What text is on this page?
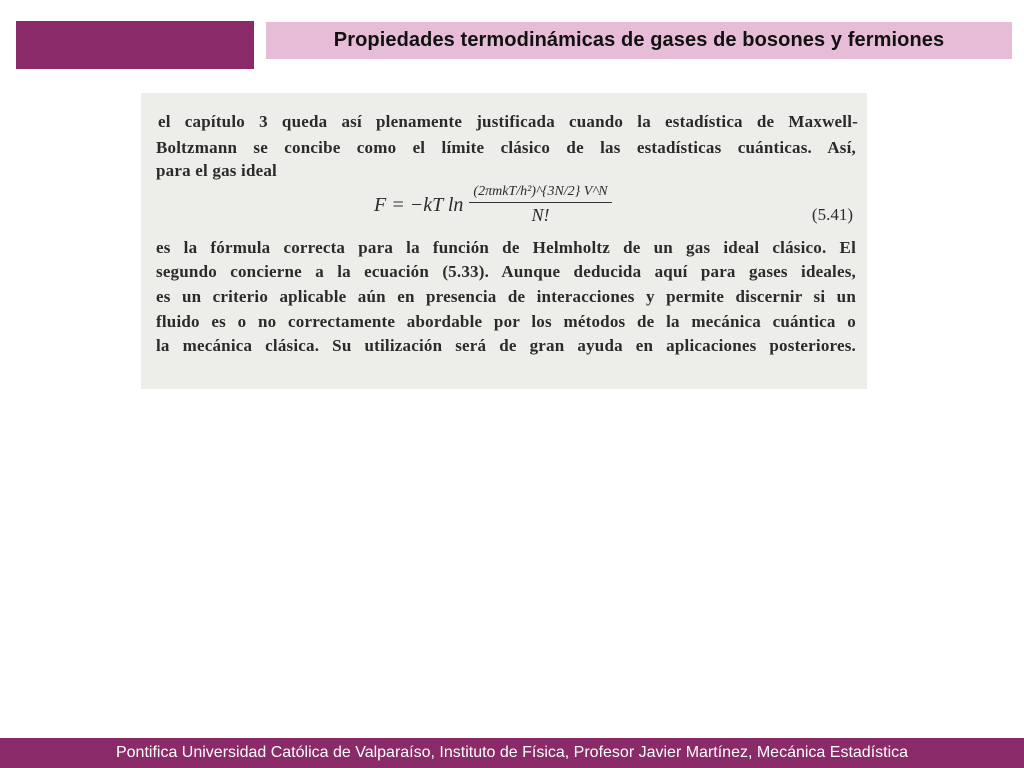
Propiedades termodinámicas de gases de bosones y fermiones
el capítulo 3 queda así plenamente justificada cuando la estadística de Maxwell-
Boltzmann se concibe como el límite clásico de las estadísticas cuánticas. Así,
para el gas ideal
F = −kT $\ln \frac{\text{(2πmkT/h²)\textasciicircum{}\{3N/2\} V\textasciicircum{}N}}{N!}$	(5.41)
es la fórmula correcta para la función de Helmholtz de un gas ideal clásico. El
segundo concierne a la ecuación (5.33). Aunque deducida aquí para gases ideales,
es un criterio aplicable aún en presencia de interacciones y permite discernir si un
fluido es o no correctamente abordable por los métodos de la mecánica cuántica o
la mecánica clásica. Su utilización será de gran ayuda en aplicaciones posteriores.
Pontifica Universidad Católica de Valparaíso, Instituto de Física, Profesor Javier Martínez, Mecánica Estadística
